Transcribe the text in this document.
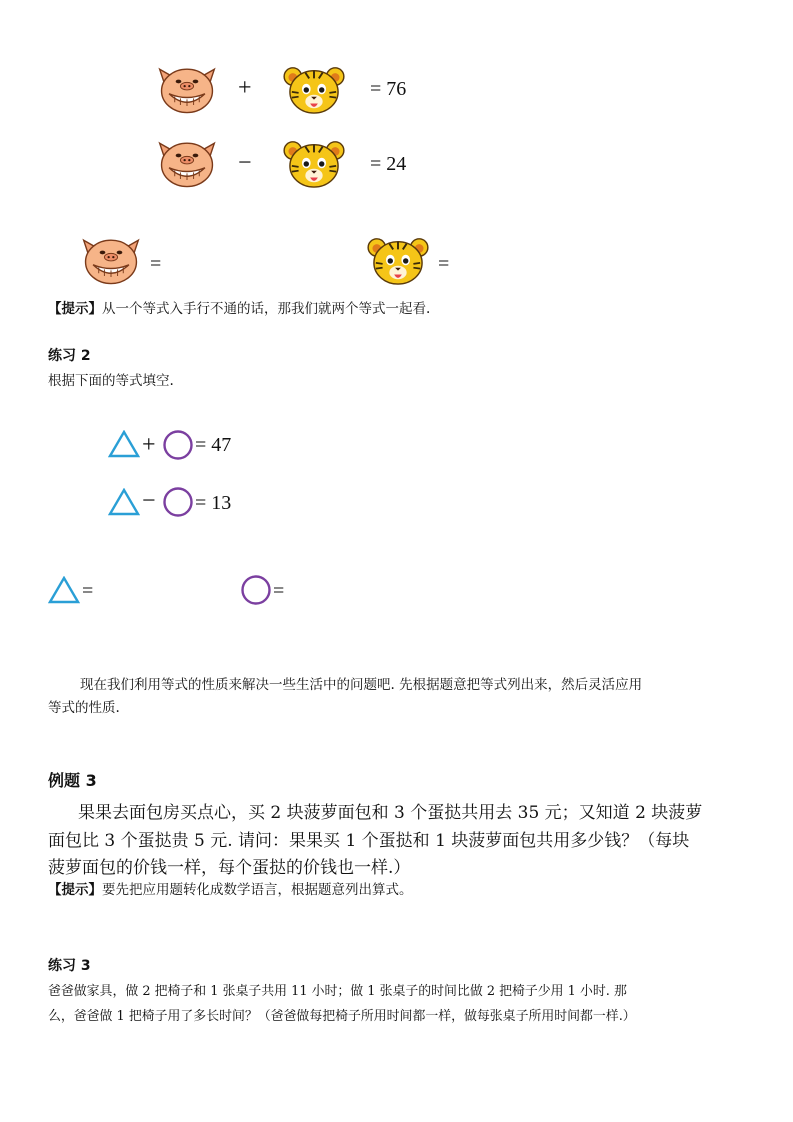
+	= 76
−	= 24
=	=
【提示】从一个等式入手行不通的话，那我们就两个等式一起看.
练习 2
根据下面的等式填空.
+ = 47
− = 13
=	=
现在我们利用等式的性质来解决一些生活中的问题吧. 先根据题意把等式列出来，然后灵活应用
等式的性质.
例题 3
果果去面包房买点心，买 2 块菠萝面包和 3 个蛋挞共用去 35 元；又知道 2 块菠萝
面包比 3 个蛋挞贵 5 元. 请问：果果买 1 个蛋挞和 1 块菠萝面包共用多少钱？（每块
菠萝面包的价钱一样，每个蛋挞的价钱也一样.）
【提示】要先把应用题转化成数学语言，根据题意列出算式。
练习 3
爸爸做家具，做 2 把椅子和 1 张桌子共用 11 小时；做 1 张桌子的时间比做 2 把椅子少用 1 小时. 那
么，爸爸做 1 把椅子用了多长时间？（爸爸做每把椅子所用时间都一样，做每张桌子所用时间都一样.）
